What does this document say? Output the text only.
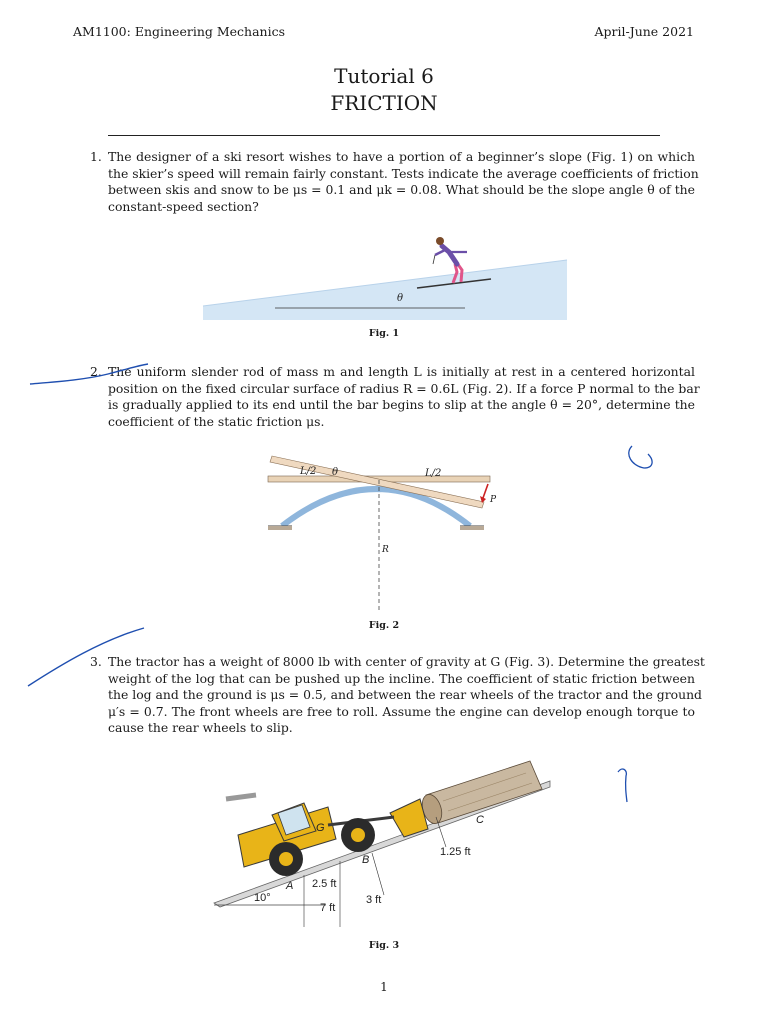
AM1100: Engineering Mechanics	April-June 2021
Tutorial 6
FRICTION
1. The designer of a ski resort wishes to have a portion of a beginner’s slope (Fig. 1) on which
the skier’s speed will remain fairly constant. Tests indicate the average coefficients of friction
between skis and snow to be μs = 0.1 and μk = 0.08. What should be the slope angle θ of the
constant-speed section?
θ
Fig. 1
2. The uniform slender rod of mass m and length L is initially at rest in a centered horizontal
position on the fixed circular surface of radius R = 0.6L (Fig. 2). If a force P normal to the bar
is gradually applied to its end until the bar begins to slip at the angle θ = 20°, determine the
coefficient of the static friction μs.
L/2 θ	L/2
P
R
Fig. 2
3. The tractor has a weight of 8000 lb with center of gravity at G (Fig. 3). Determine the greatest
weight of the log that can be pushed up the incline. The coefficient of static friction between
the log and the ground is μs = 0.5, and between the rear wheels of the tractor and the ground
μ′s = 0.7. The front wheels are free to roll. Assume the engine can develop enough torque to
cause the rear wheels to slip.
G
A
B
C
1.25 ft
2.5 ft
7 ft
3 ft
10°
Fig. 3
1
